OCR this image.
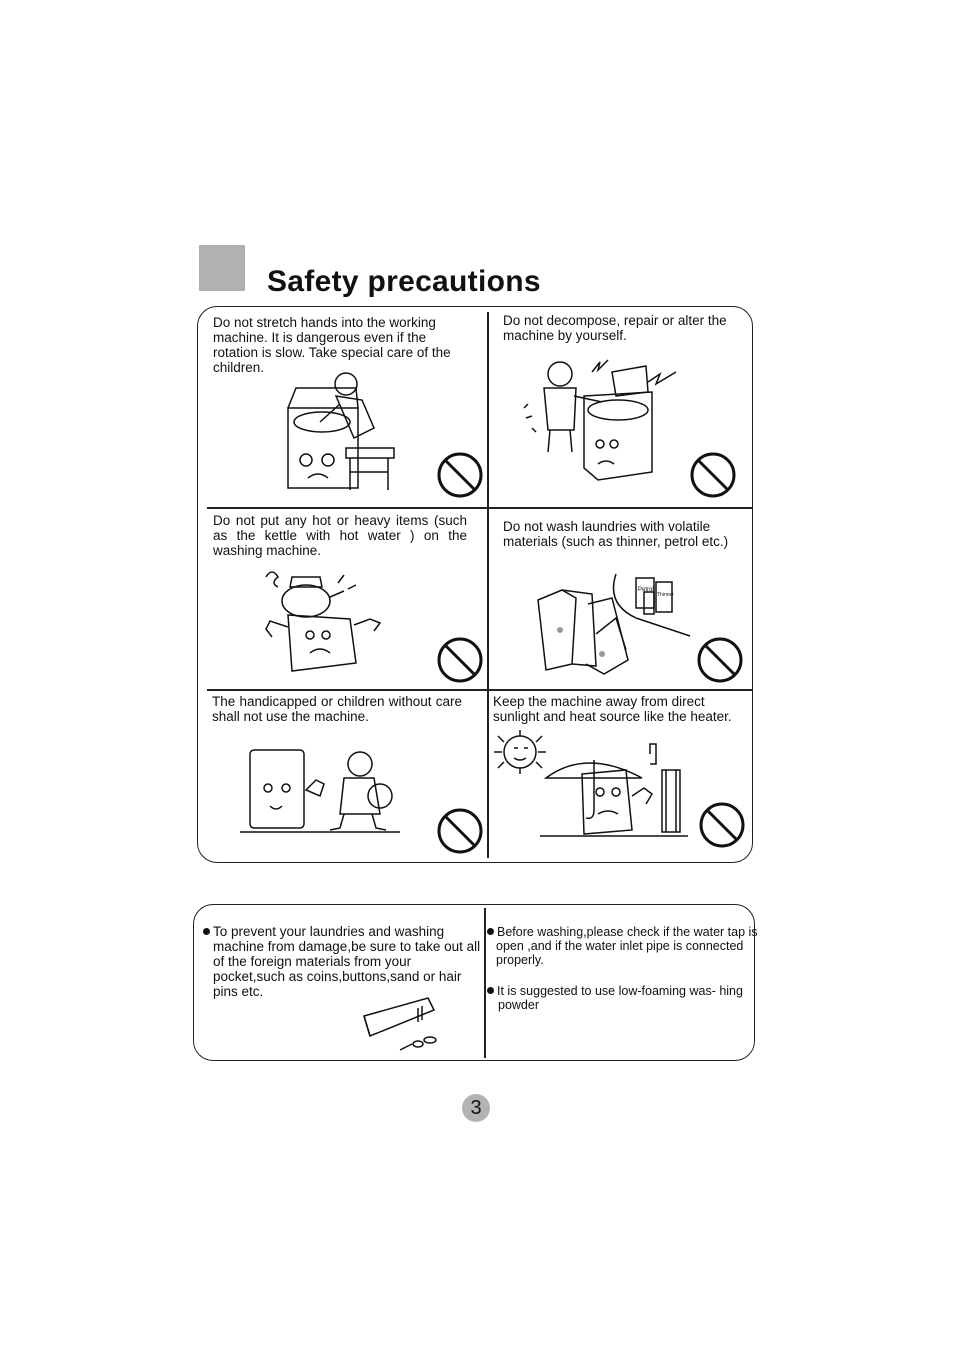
Safety precautions
Do not stretch hands into the working machine. It is dangerous even if the rotation is slow. Take special care of the children.
Do not decompose, repair or alter the machine by yourself.
Do not put any hot or heavy items (such as the kettle with hot water ) on the washing machine.
Do not wash laundries with volatile materials (such as thinner, petrol etc.)
Petrol
Thinner
The handicapped or children without care shall not use the machine.
Keep the machine away from direct sunlight and heat source like the heater.
To prevent your laundries and washing machine from damage,be sure to take out all of the foreign materials from your pocket,such as coins,buttons,sand or hair pins etc.
Before washing,please check if the water tap is open ,and if the water inlet pipe is connected properly.
It is suggested to use low-foaming was- hing powder
3
